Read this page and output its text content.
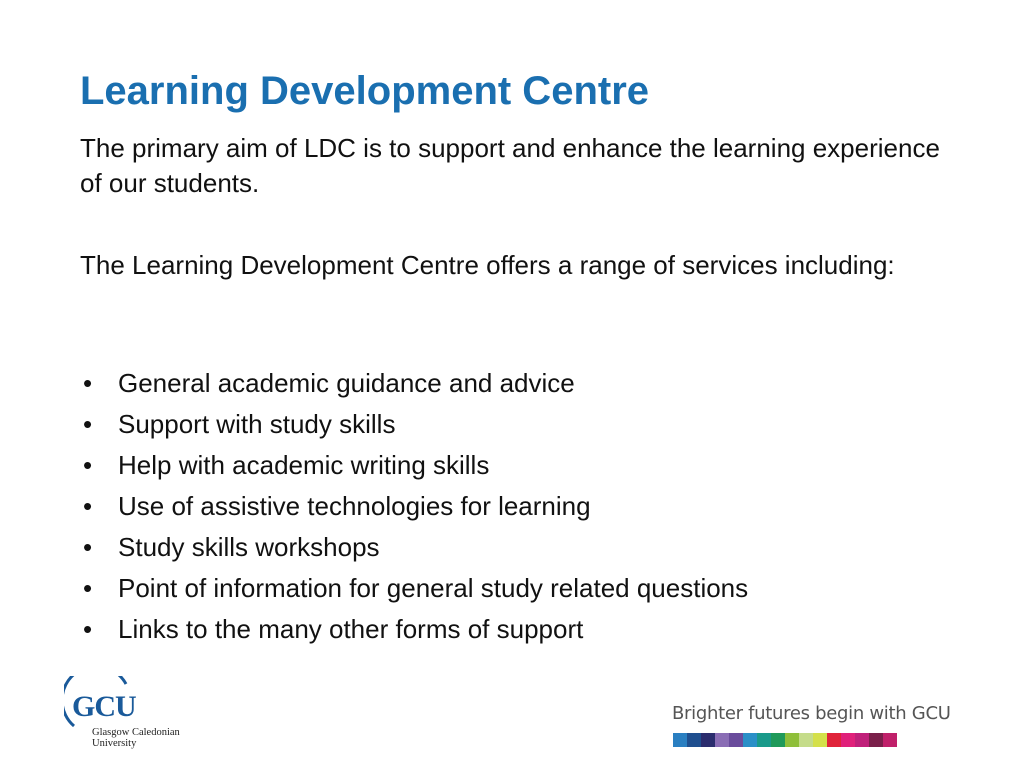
Learning Development Centre

The primary aim of LDC is to support and enhance the learning experience of our students.

The Learning Development Centre offers a range of services including:

• General academic guidance and advice
• Support with study skills
• Help with academic writing skills
• Use of assistive technologies for learning
• Study skills workshops
• Point of information for general study related questions
• Links to the many other forms of support
GCU
Glasgow Caledonian
University
Brighter futures begin with GCU
